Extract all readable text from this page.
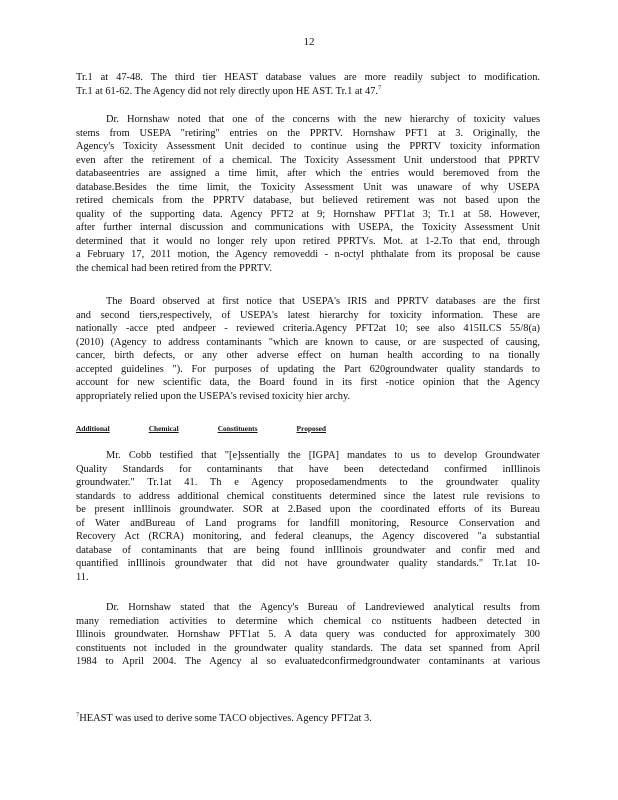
12
Tr.1 at 47-48. The third tier HEAST database values are more readily subject to modification.
Tr.1 at 61-62. The Agency did not rely directly upon HE AST. Tr.1 at 47.$^7$
Dr. Hornshaw noted that one of the concerns with the new hierarchy of toxicity values
stems from USEPA "retiring" entries on the PPRTV. Hornshaw PFT1 at 3. Originally, the
Agency's Toxicity Assessment Unit decided to continue using the PPRTV toxicity information
even after the retirement of a chemical. The Toxicity Assessment Unit understood that PPRTV
databaseentries are assigned a time limit, after which the entries would beremoved from the
database.Besides the time limit, the Toxicity Assessment Unit was unaware of why USEPA
retired chemicals from the PPRTV database, but believed retirement was not based upon the
quality of the supporting data. Agency PFT2 at 9; Hornshaw PFT1at 3; Tr.1 at 58. However,
after further internal discussion and communications with USEPA, the Toxicity Assessment Unit
determined that it would no longer rely upon retired PPRTVs. Mot. at 1-2.To that end, through
a February 17, 2011 motion, the Agency removeddi - n-octyl phthalate from its proposal be cause
the chemical had been retired from the PPRTV.
The Board observed at first notice that USEPA's IRIS and PPRTV databases are the first
and second tiers,respectively, of USEPA's latest hierarchy for toxicity information. These are
nationally -acce pted andpeer - reviewed criteria.Agency PFT2at 10; see also 415ILCS 55/8(a)
(2010) (Agency to address contaminants "which are known to cause, or are suspected of causing,
cancer, birth defects, or any other adverse effect on human health according to na tionally
accepted guidelines "). For purposes of updating the Part 620groundwater quality standards to
account for new scientific data, the Board found in its first -notice opinion that the Agency
appropriately relied upon the USEPA's revised toxicity hier archy.
Additional	Chemical	Constituents	Proposed
Mr. Cobb testified that "[e]ssentially the [IGPA] mandates to us to develop Groundwater
Quality Standards for contaminants that have been detectedand confirmed inIllinois
groundwater." Tr.1at 41. Th e Agency proposedamendments to the groundwater quality
standards to address additional chemical constituents determined since the latest rule revisions to
be present inIllinois groundwater. SOR at 2.Based upon the coordinated efforts of its Bureau
of Water andBureau of Land programs for landfill monitoring, Resource Conservation and
Recovery Act (RCRA) monitoring, and federal cleanups, the Agency discovered "a substantial
database of contaminants that are being found inIllinois groundwater and confir med and
quantified inIllinois groundwater that did not have groundwater quality standards." Tr.1at 10-
11.
Dr. Hornshaw stated that the Agency's Bureau of Landreviewed analytical results from
many remediation activities to determine which chemical co nstituents hadbeen detected in
Illinois groundwater. Hornshaw PFT1at 5. A data query was conducted for approximately 300
constituents not included in the groundwater quality standards. The data set spanned from April
1984 to April 2004. The Agency al so evaluatedconfirmedgroundwater contaminants at various
$^7$HEAST was used to derive some TACO objectives. Agency PFT2at 3.
